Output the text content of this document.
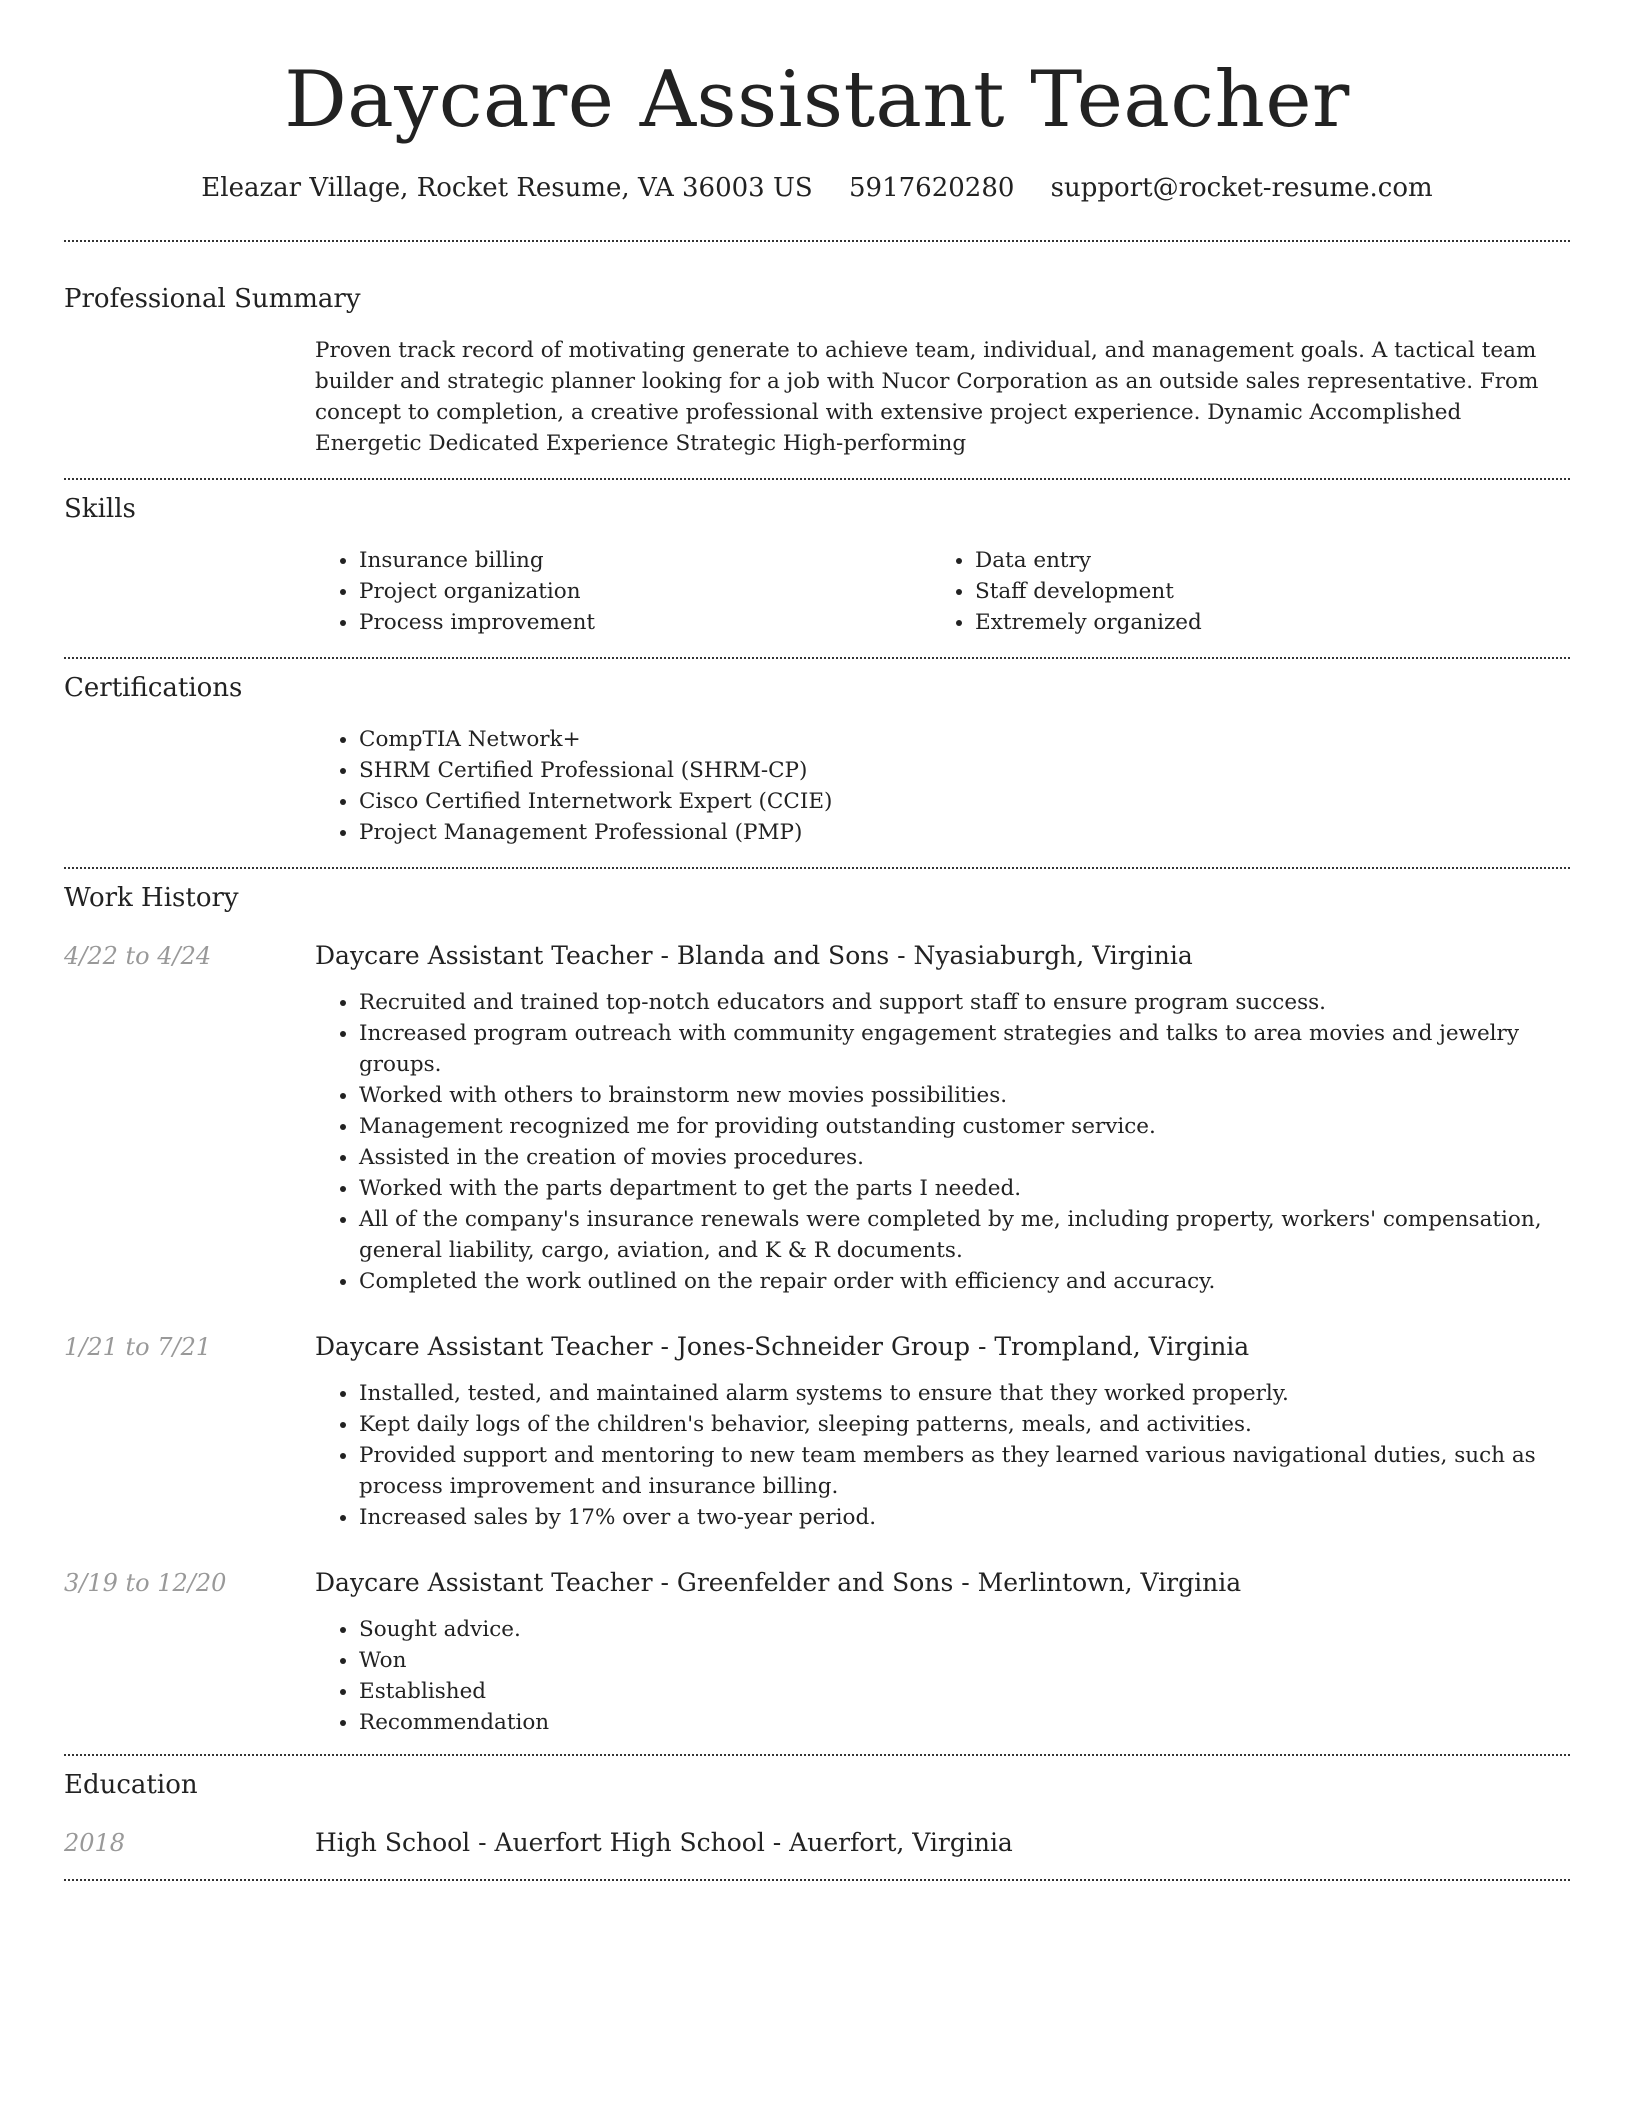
Daycare Assistant Teacher
Eleazar Village, Rocket Resume, VA 36003 US 5917620280 support@rocket-resume.com
Professional Summary

Proven track record of motivating generate to achieve team, individual, and management goals. A tactical team builder and strategic planner looking for a job with Nucor Corporation as an outside sales representative. From concept to completion, a creative professional with extensive project experience. Dynamic Accomplished Energetic Dedicated Experience Strategic High-performing

Skills
• Insurance billing
• Project organization
• Process improvement
• Data entry
• Staff development
• Extremely organized
Certifications
• CompTIA Network+
• SHRM Certified Professional (SHRM-CP)
• Cisco Certified Internetwork Expert (CCIE)
• Project Management Professional (PMP)
Work History
4/22 to 4/24	Daycare Assistant Teacher - Blanda and Sons - Nyasiaburgh, Virginia
• Recruited and trained top-notch educators and support staff to ensure program success.
• Increased program outreach with community engagement strategies and talks to area movies and jewelry groups.
• Worked with others to brainstorm new movies possibilities.
• Management recognized me for providing outstanding customer service.
• Assisted in the creation of movies procedures.
• Worked with the parts department to get the parts I needed.
• All of the company's insurance renewals were completed by me, including property, workers' compensation, general liability, cargo, aviation, and K & R documents.
• Completed the work outlined on the repair order with efficiency and accuracy.
1/21 to 7/21	Daycare Assistant Teacher - Jones-Schneider Group - Trompland, Virginia
• Installed, tested, and maintained alarm systems to ensure that they worked properly.
• Kept daily logs of the children's behavior, sleeping patterns, meals, and activities.
• Provided support and mentoring to new team members as they learned various navigational duties, such as process improvement and insurance billing.
• Increased sales by 17% over a two-year period.
3/19 to 12/20	Daycare Assistant Teacher - Greenfelder and Sons - Merlintown, Virginia
• Sought advice.
• Won
• Established
• Recommendation
Education
2018	High School - Auerfort High School - Auerfort, Virginia
